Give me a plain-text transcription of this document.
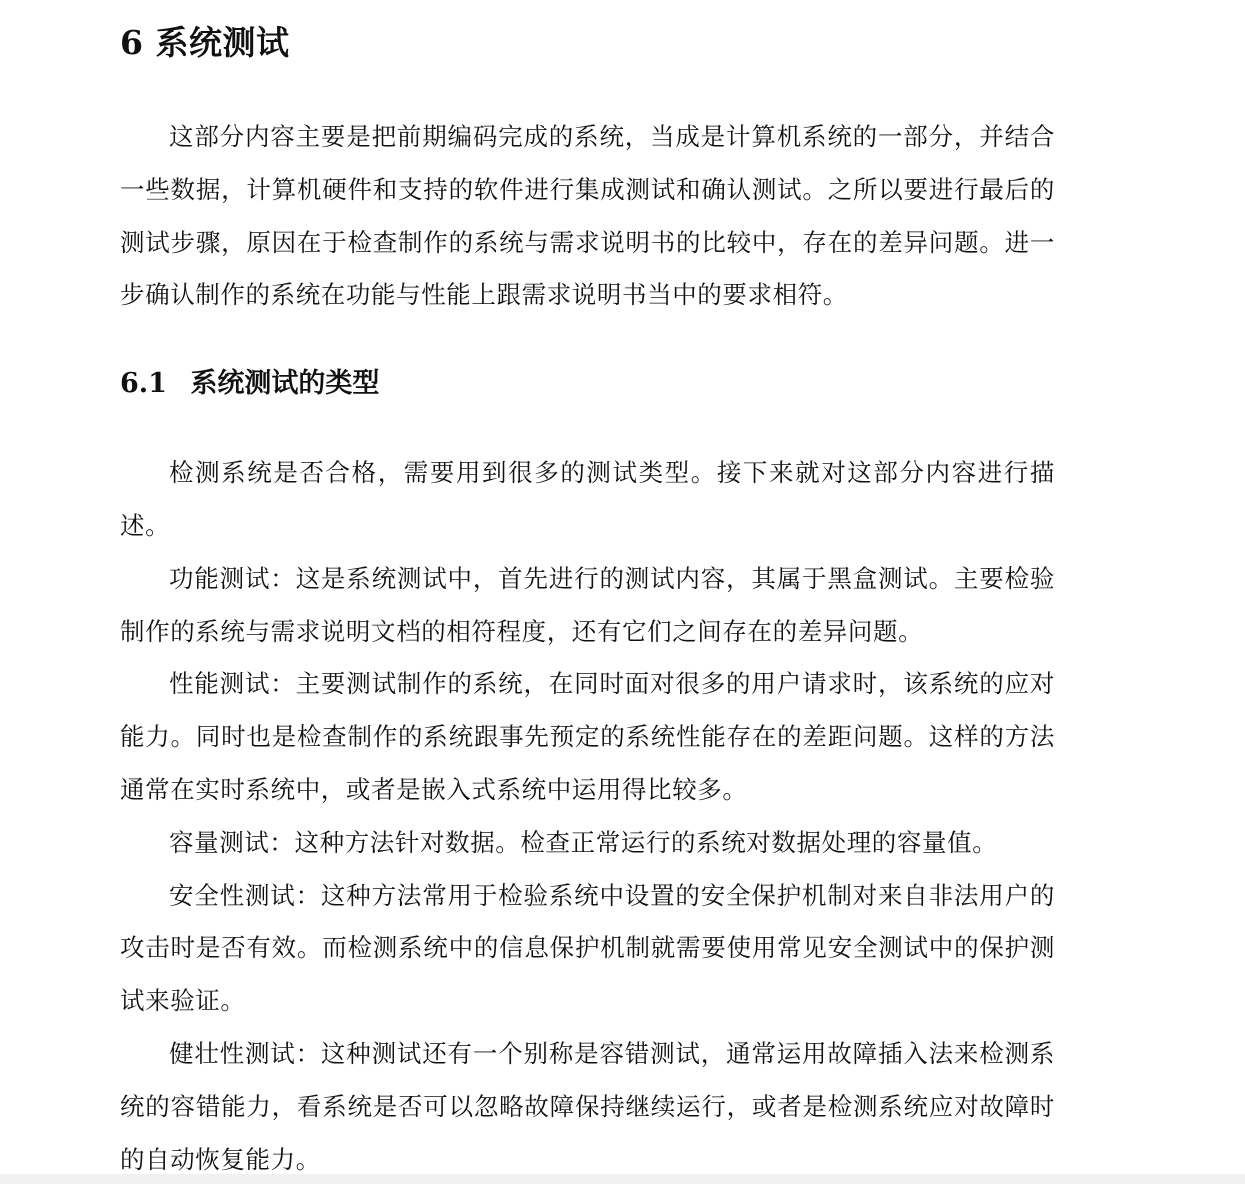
6 系统测试

这部分内容主要是把前期编码完成的系统，当成是计算机系统的一部分，并结合一些数据，计算机硬件和支持的软件进行集成测试和确认测试。之所以要进行最后的测试步骤，原因在于检查制作的系统与需求说明书的比较中，存在的差异问题。进一步确认制作的系统在功能与性能上跟需求说明书当中的要求相符。

6.1 系统测试的类型

检测系统是否合格，需要用到很多的测试类型。接下来就对这部分内容进行描述。

功能测试：这是系统测试中，首先进行的测试内容，其属于黑盒测试。主要检验制作的系统与需求说明文档的相符程度，还有它们之间存在的差异问题。

性能测试：主要测试制作的系统，在同时面对很多的用户请求时，该系统的应对能力。同时也是检查制作的系统跟事先预定的系统性能存在的差距问题。这样的方法通常在实时系统中，或者是嵌入式系统中运用得比较多。

容量测试：这种方法针对数据。检查正常运行的系统对数据处理的容量值。

安全性测试：这种方法常用于检验系统中设置的安全保护机制对来自非法用户的攻击时是否有效。而检测系统中的信息保护机制就需要使用常见安全测试中的保护测试来验证。

健壮性测试：这种测试还有一个别称是容错测试，通常运用故障插入法来检测系统的容错能力，看系统是否可以忽略故障保持继续运行，或者是检测系统应对故障时的自动恢复能力。
